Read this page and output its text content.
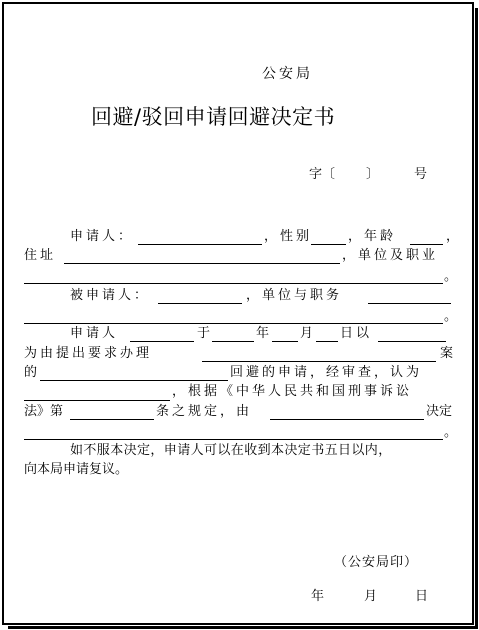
公安局
回避/驳回申请回避决定书
字〔 〕	号
申请人：	，性别	，年龄	，
住址	，单位及职业
。
被申请人：	，单位与职务
。
申请人	于	年 月 日以
为由提出要求办理	案
的	回避的申请，经审查，认为
，根据《中华人民共和国刑事诉讼
法》第	条之规定，由	决定
。
如不服本决定，申请人可以在收到本决定书五日以内，
向本局申请复议。
（公安局印）
年	月	日
